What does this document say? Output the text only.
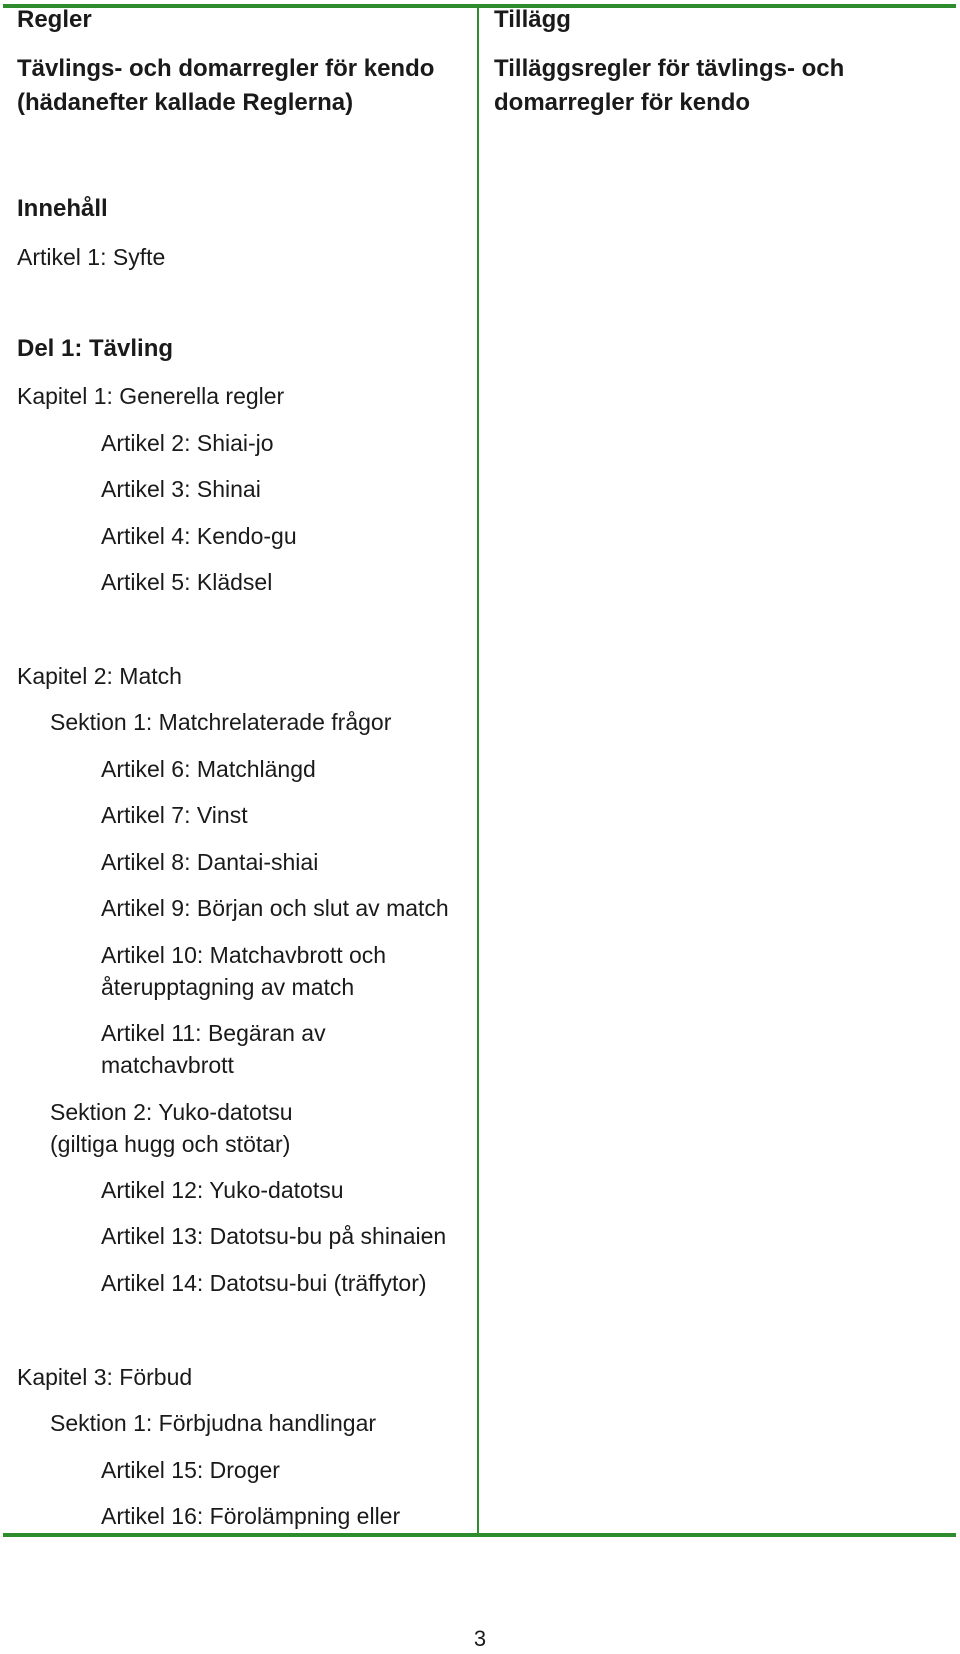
Regler	Tillägg
Tävlings- och domarregler för kendo
(hädanefter kallade Reglerna)
Tilläggsregler för tävlings- och
domarregler för kendo
Innehåll
Artikel 1: Syfte
Del 1: Tävling
Kapitel 1: Generella regler
Artikel 2: Shiai-jo
Artikel 3: Shinai
Artikel 4: Kendo-gu
Artikel 5: Klädsel
Kapitel 2: Match
Sektion 1: Matchrelaterade frågor
Artikel 6: Matchlängd
Artikel 7: Vinst
Artikel 8: Dantai-shiai
Artikel 9: Början och slut av match
Artikel 10: Matchavbrott och
återupptagning av match
Artikel 11: Begäran av
matchavbrott
Sektion 2: Yuko-datotsu
(giltiga hugg och stötar)
Artikel 12: Yuko-datotsu
Artikel 13: Datotsu-bu på shinaien
Artikel 14: Datotsu-bui (träffytor)
Kapitel 3: Förbud
Sektion 1: Förbjudna handlingar
Artikel 15: Droger
Artikel 16: Förolämpning eller
3
